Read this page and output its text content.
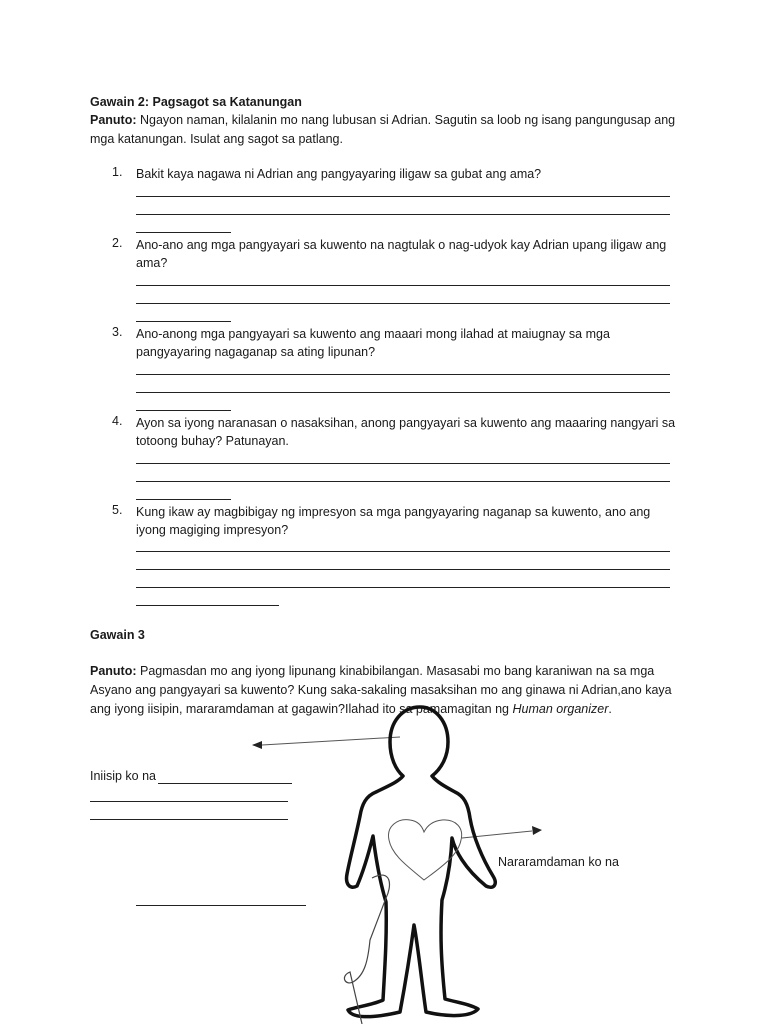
Gawain 2: Pagsagot sa Katanungan
Panuto: Ngayon naman, kilalanin mo nang lubusan si Adrian. Sagutin sa loob ng isang pangungusap ang mga katanungan. Isulat ang sagot sa patlang.
1. Bakit kaya nagawa ni Adrian ang pangyayaring iligaw sa gubat ang ama?
2. Ano-ano ang mga pangyayari sa kuwento na nagtulak o nag-udyok kay Adrian upang iligaw ang ama?
3. Ano-anong mga pangyayari sa kuwento ang maaari mong ilahad at maiugnay sa mga pangyayaring nagaganap sa ating lipunan?
4. Ayon sa iyong naranasan o nasaksihan, anong pangyayari sa kuwento ang maaaring nangyari sa totoong buhay? Patunayan.
5. Kung ikaw ay magbibigay ng impresyon sa mga pangyayaring naganap sa kuwento, ano ang iyong magiging impresyon?
Gawain 3
Panuto: Pagmasdan mo ang iyong lipunang kinabibilangan. Masasabi mo bang karaniwan na sa mga Asyano ang pangyayari sa kuwento? Kung saka-sakaling masaksihan mo ang ginawa ni Adrian,ano kaya ang iyong iisipin, mararamdaman at gagawin?Ilahad ito sa pamamagitan ng Human organizer.
Iniisip ko na
Nararamdaman ko na
